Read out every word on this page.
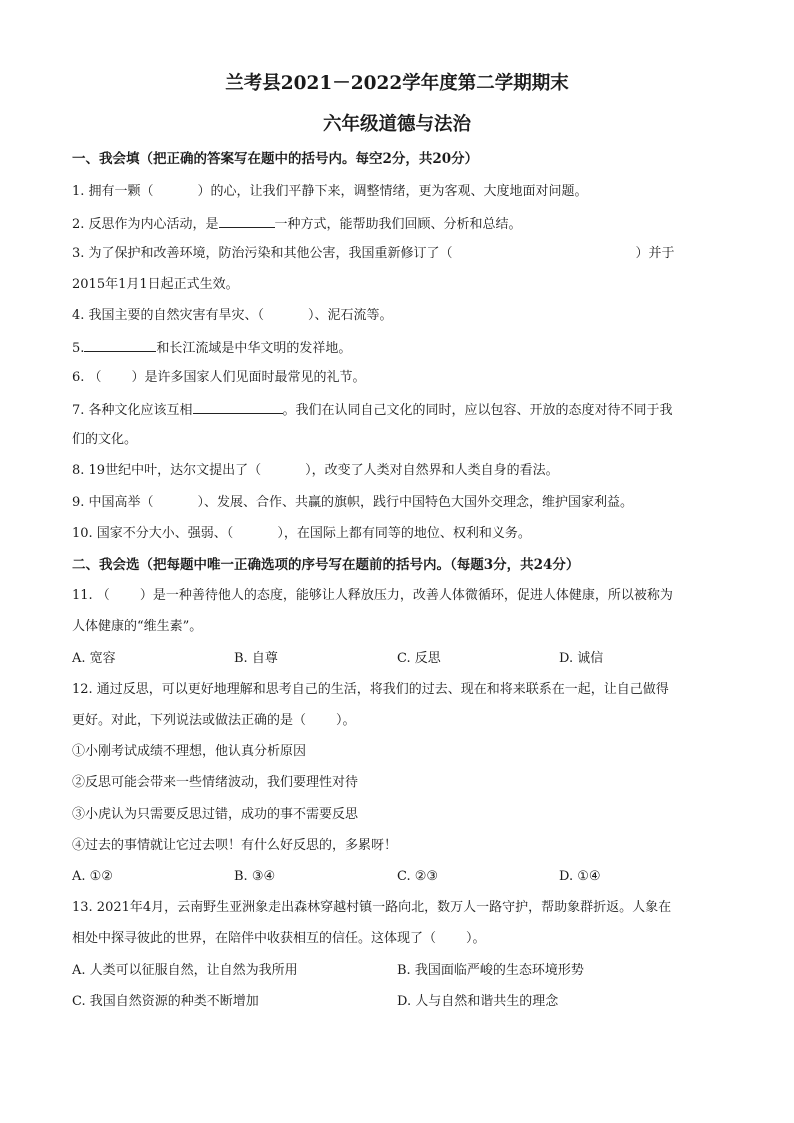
兰考县2021－2022学年度第二学期期末
六年级道德与法治
一、我会填（把正确的答案写在题中的括号内。每空2分，共20分）
1. 拥有一颗（	）的心，让我们平静下来，调整情绪，更为客观、大度地面对问题。
2. 反思作为内心活动，是	一种方式，能帮助我们回顾、分析和总结。
3. 为了保护和改善环境，防治污染和其他公害，我国重新修订了（	）并于
2015年1月1日起正式生效。
4. 我国主要的自然灾害有旱灾、（	）、泥石流等。
5.	和长江流域是中华文明的发祥地。
6. （ ）是许多国家人们见面时最常见的礼节。
7. 各种文化应该互相	。我们在认同自己文化的同时，应以包容、开放的态度对待不同于我
们的文化。
8. 19世纪中叶，达尔文提出了（	），改变了人类对自然界和人类自身的看法。
9. 中国高举（	）、发展、合作、共赢的旗帜，践行中国特色大国外交理念，维护国家利益。
10. 国家不分大小、强弱、（	），在国际上都有同等的地位、权利和义务。
二、我会选（把每题中唯一正确选项的序号写在题前的括号内。（每题3分，共24分）
11. （ ）是一种善待他人的态度，能够让人释放压力，改善人体微循环，促进人体健康，所以被称为
人体健康的“维生素”。
A. 宽容	B. 自尊	C. 反思	D. 诚信
12. 通过反思，可以更好地理解和思考自己的生活，将我们的过去、现在和将来联系在一起，让自己做得
更好。对此，下列说法或做法正确的是（ ）。
①小刚考试成绩不理想，他认真分析原因
②反思可能会带来一些情绪波动，我们要理性对待
③小虎认为只需要反思过错，成功的事不需要反思
④过去的事情就让它过去呗！有什么好反思的，多累呀！
A. ①②	B. ③④	C. ②③	D. ①④
13. 2021年4月，云南野生亚洲象走出森林穿越村镇一路向北，数万人一路守护，帮助象群折返。人象在
相处中探寻彼此的世界，在陪伴中收获相互的信任。这体现了（ ）。
A. 人类可以征服自然，让自然为我所用	B. 我国面临严峻的生态环境形势
C. 我国自然资源的种类不断增加	D. 人与自然和谐共生的理念
